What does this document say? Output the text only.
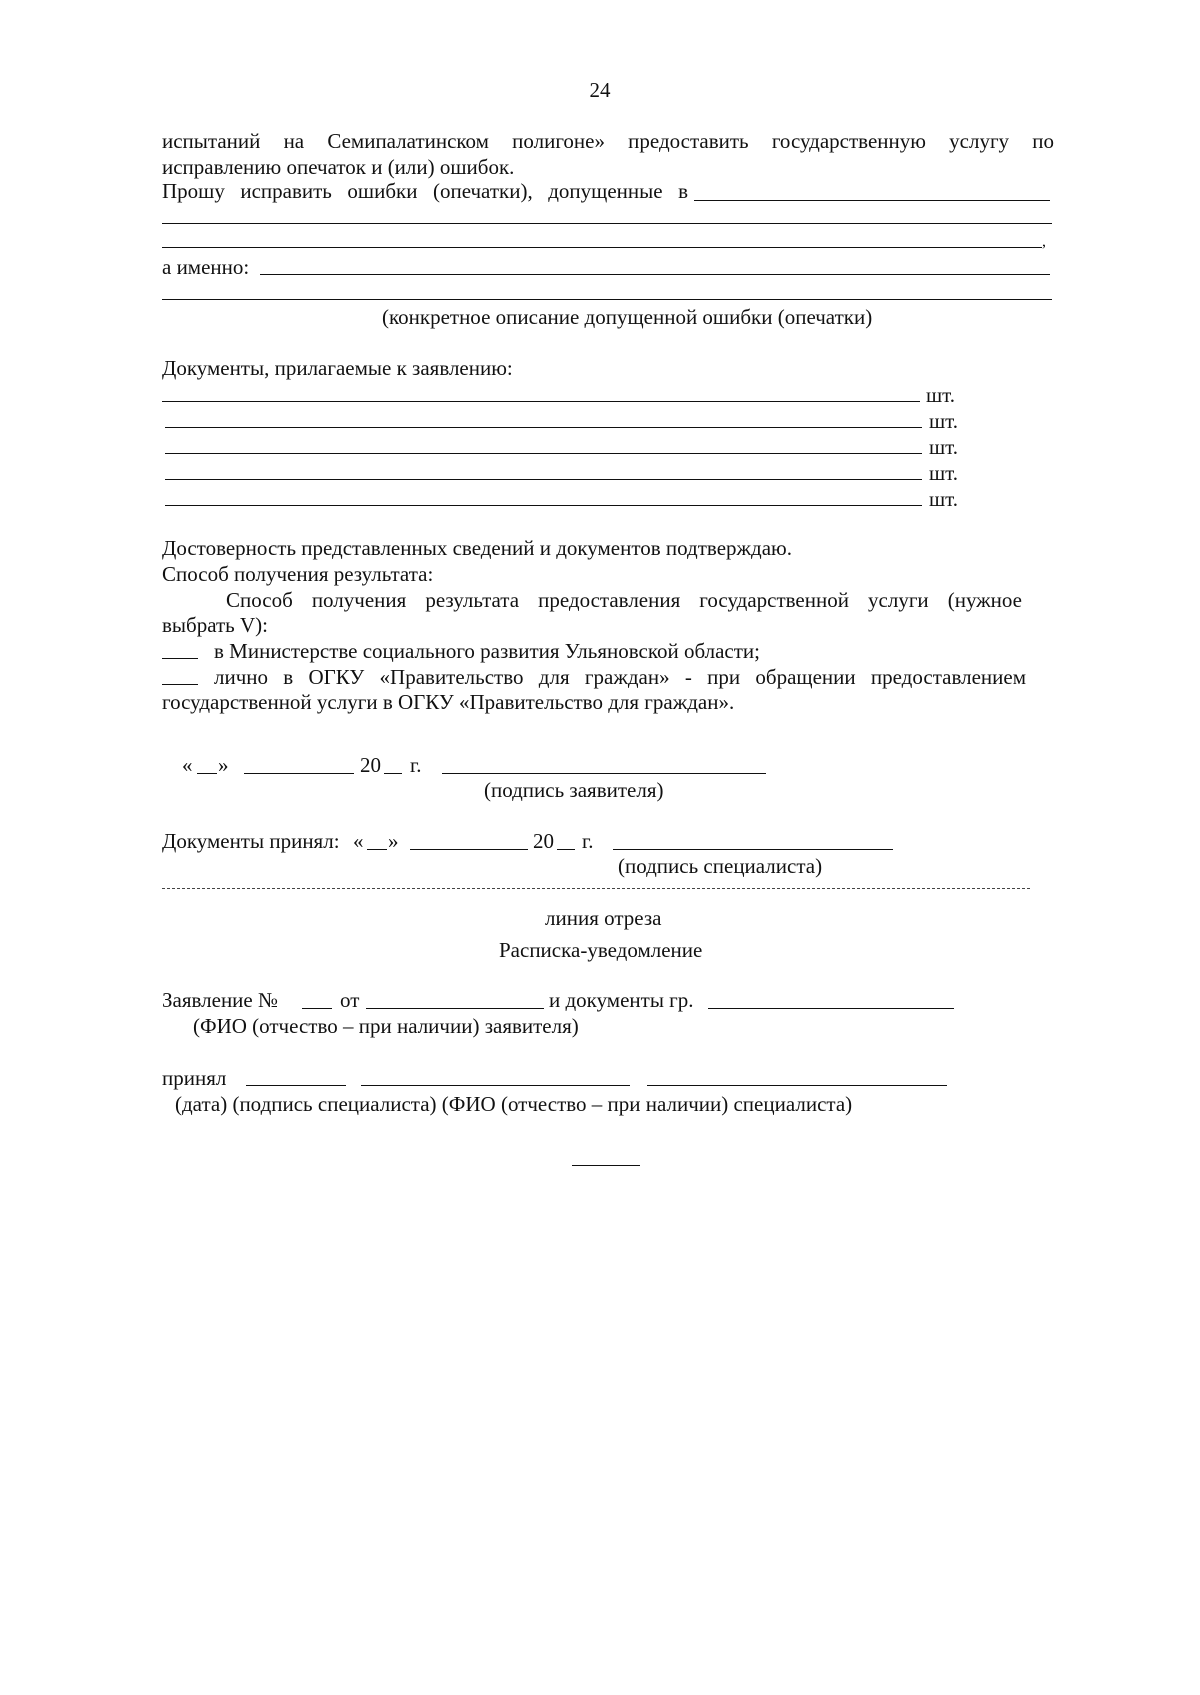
24
испытаний на Семипалатинском полигоне» предоставить государственную услугу по
исправлению опечаток и (или) ошибок.
Прошу исправить ошибки (опечатки), допущенные в
,
а именно:
(конкретное описание допущенной ошибки (опечатки)
Документы, прилагаемые к заявлению:
шт.
шт.
шт.
шт.
шт.
Достоверность представленных сведений и документов подтверждаю.
Способ получения результата:
Способ получения результата предоставления государственной услуги (нужное
выбрать V):
в Министерстве социального развития Ульяновской области;
лично в ОГКУ «Правительство для граждан» - при обращении предоставлением
государственной услуги в ОГКУ «Правительство для граждан».
« »	20 г.
(подпись заявителя)
Документы принял: « »	20 г.
(подпись специалиста)
линия отреза
Расписка-уведомление
Заявление №	от	и документы гр.
(ФИО (отчество – при наличии) заявителя)
принял
(дата) (подпись специалиста) (ФИО (отчество – при наличии) специалиста)
